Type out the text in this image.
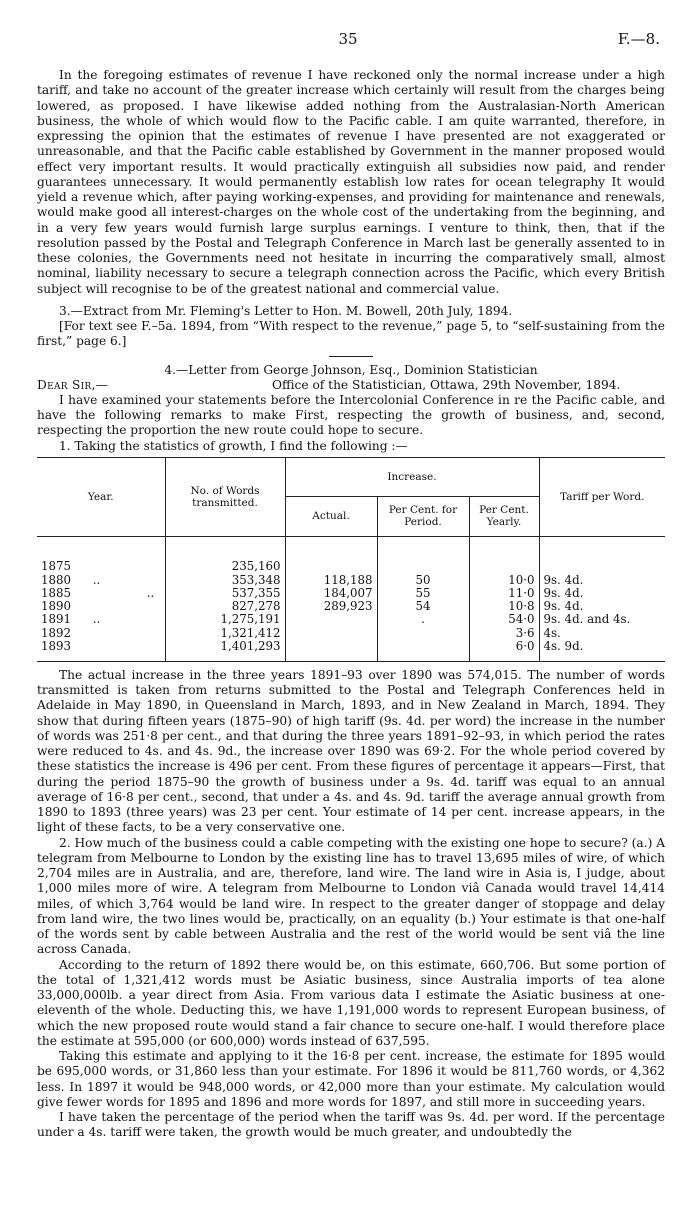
35	F.—8.

In the foregoing estimates of revenue I have reckoned only the normal increase under a high tariff, and take no account of the greater increase which certainly will result from the charges being lowered, as proposed. I have likewise added nothing from the Australasian-North American business, the whole of which would flow to the Pacific cable. I am quite warranted, therefore, in expressing the opinion that the estimates of revenue I have presented are not exaggerated or unreasonable, and that the Pacific cable established by Government in the manner proposed would effect very important results. It would practically extinguish all subsidies now paid, and render guarantees unnecessary. It would permanently establish low rates for ocean telegraphy It would yield a revenue which, after paying working-expenses, and providing for maintenance and renewals, would make good all interest-charges on the whole cost of the undertaking from the beginning, and in a very few years would furnish large surplus earnings. I venture to think, then, that if the resolution passed by the Postal and Telegraph Conference in March last be generally assented to in these colonies, the Governments need not hesitate in incurring the comparatively small, almost nominal, liability necessary to secure a telegraph connection across the Pacific, which every British subject will recognise to be of the greatest national and commercial value.

3.—Extract from Mr. Fleming's Letter to Hon. M. Bowell, 20th July, 1894.

[For text see F.–5a. 1894, from “With respect to the revenue,” page 5, to “self-sustaining from the first,” page 6.]

4.—Letter from George Johnson, Esq., Dominion Statistician

Dear Sir,—	Office of the Statistician, Ottawa, 29th November, 1894.

I have examined your statements before the Intercolonial Conference in re the Pacific cable, and have the following remarks to make First, respecting the growth of business, and, second, respecting the proportion the new route could hope to secure.

1. Taking the statistics of growth, I find the following :—

Year.	No. of Words transmitted.	Increase.			Tariff per Word.
		Actual.	Per Cent. for Period.	Per Cent. Yearly.	

1875	235,160				
1880 ..	353,348	118,188	50	10·0	9s. 4d.
1885 ..	537,355	184,007	55	11·0	9s. 4d.
1890	827,278	289,923	54	10·8	9s. 4d.
1891 ..	1,275,191		.	54·0	9s. 4d. and 4s.
1892	1,321,412			3·6	4s.
1893	1,401,293			6·0	4s. 9d.

The actual increase in the three years 1891–93 over 1890 was 574,015. The number of words transmitted is taken from returns submitted to the Postal and Telegraph Conferences held in Adelaide in May 1890, in Queensland in March, 1893, and in New Zealand in March, 1894. They show that during fifteen years (1875–90) of high tariff (9s. 4d. per word) the increase in the number of words was 251·8 per cent., and that during the three years 1891–92–93, in which period the rates were reduced to 4s. and 4s. 9d., the increase over 1890 was 69·2. For the whole period covered by these statistics the increase is 496 per cent. From these figures of percentage it appears—First, that during the period 1875–90 the growth of business under a 9s. 4d. tariff was equal to an annual average of 16·8 per cent., second, that under a 4s. and 4s. 9d. tariff the average annual growth from 1890 to 1893 (three years) was 23 per cent. Your estimate of 14 per cent. increase appears, in the light of these facts, to be a very conservative one.

2. How much of the business could a cable competing with the existing one hope to secure? (a.) A telegram from Melbourne to London by the existing line has to travel 13,695 miles of wire, of which 2,704 miles are in Australia, and are, therefore, land wire. The land wire in Asia is, I judge, about 1,000 miles more of wire. A telegram from Melbourne to London viâ Canada would travel 14,414 miles, of which 3,764 would be land wire. In respect to the greater danger of stoppage and delay from land wire, the two lines would be, practically, on an equality (b.) Your estimate is that one-half of the words sent by cable between Australia and the rest of the world would be sent viâ the line across Canada.

According to the return of 1892 there would be, on this estimate, 660,706. But some portion of the total of 1,321,412 words must be Asiatic business, since Australia imports of tea alone 33,000,000lb. a year direct from Asia. From various data I estimate the Asiatic business at one-eleventh of the whole. Deducting this, we have 1,191,000 words to represent European business, of which the new proposed route would stand a fair chance to secure one-half. I would therefore place the estimate at 595,000 (or 600,000) words instead of 637,595.

Taking this estimate and applying to it the 16·8 per cent. increase, the estimate for 1895 would be 695,000 words, or 31,860 less than your estimate. For 1896 it would be 811,760 words, or 4,362 less. In 1897 it would be 948,000 words, or 42,000 more than your estimate. My calculation would give fewer words for 1895 and 1896 and more words for 1897, and still more in succeeding years.

I have taken the percentage of the period when the tariff was 9s. 4d. per word. If the percentage under a 4s. tariff were taken, the growth would be much greater, and undoubtedly the
